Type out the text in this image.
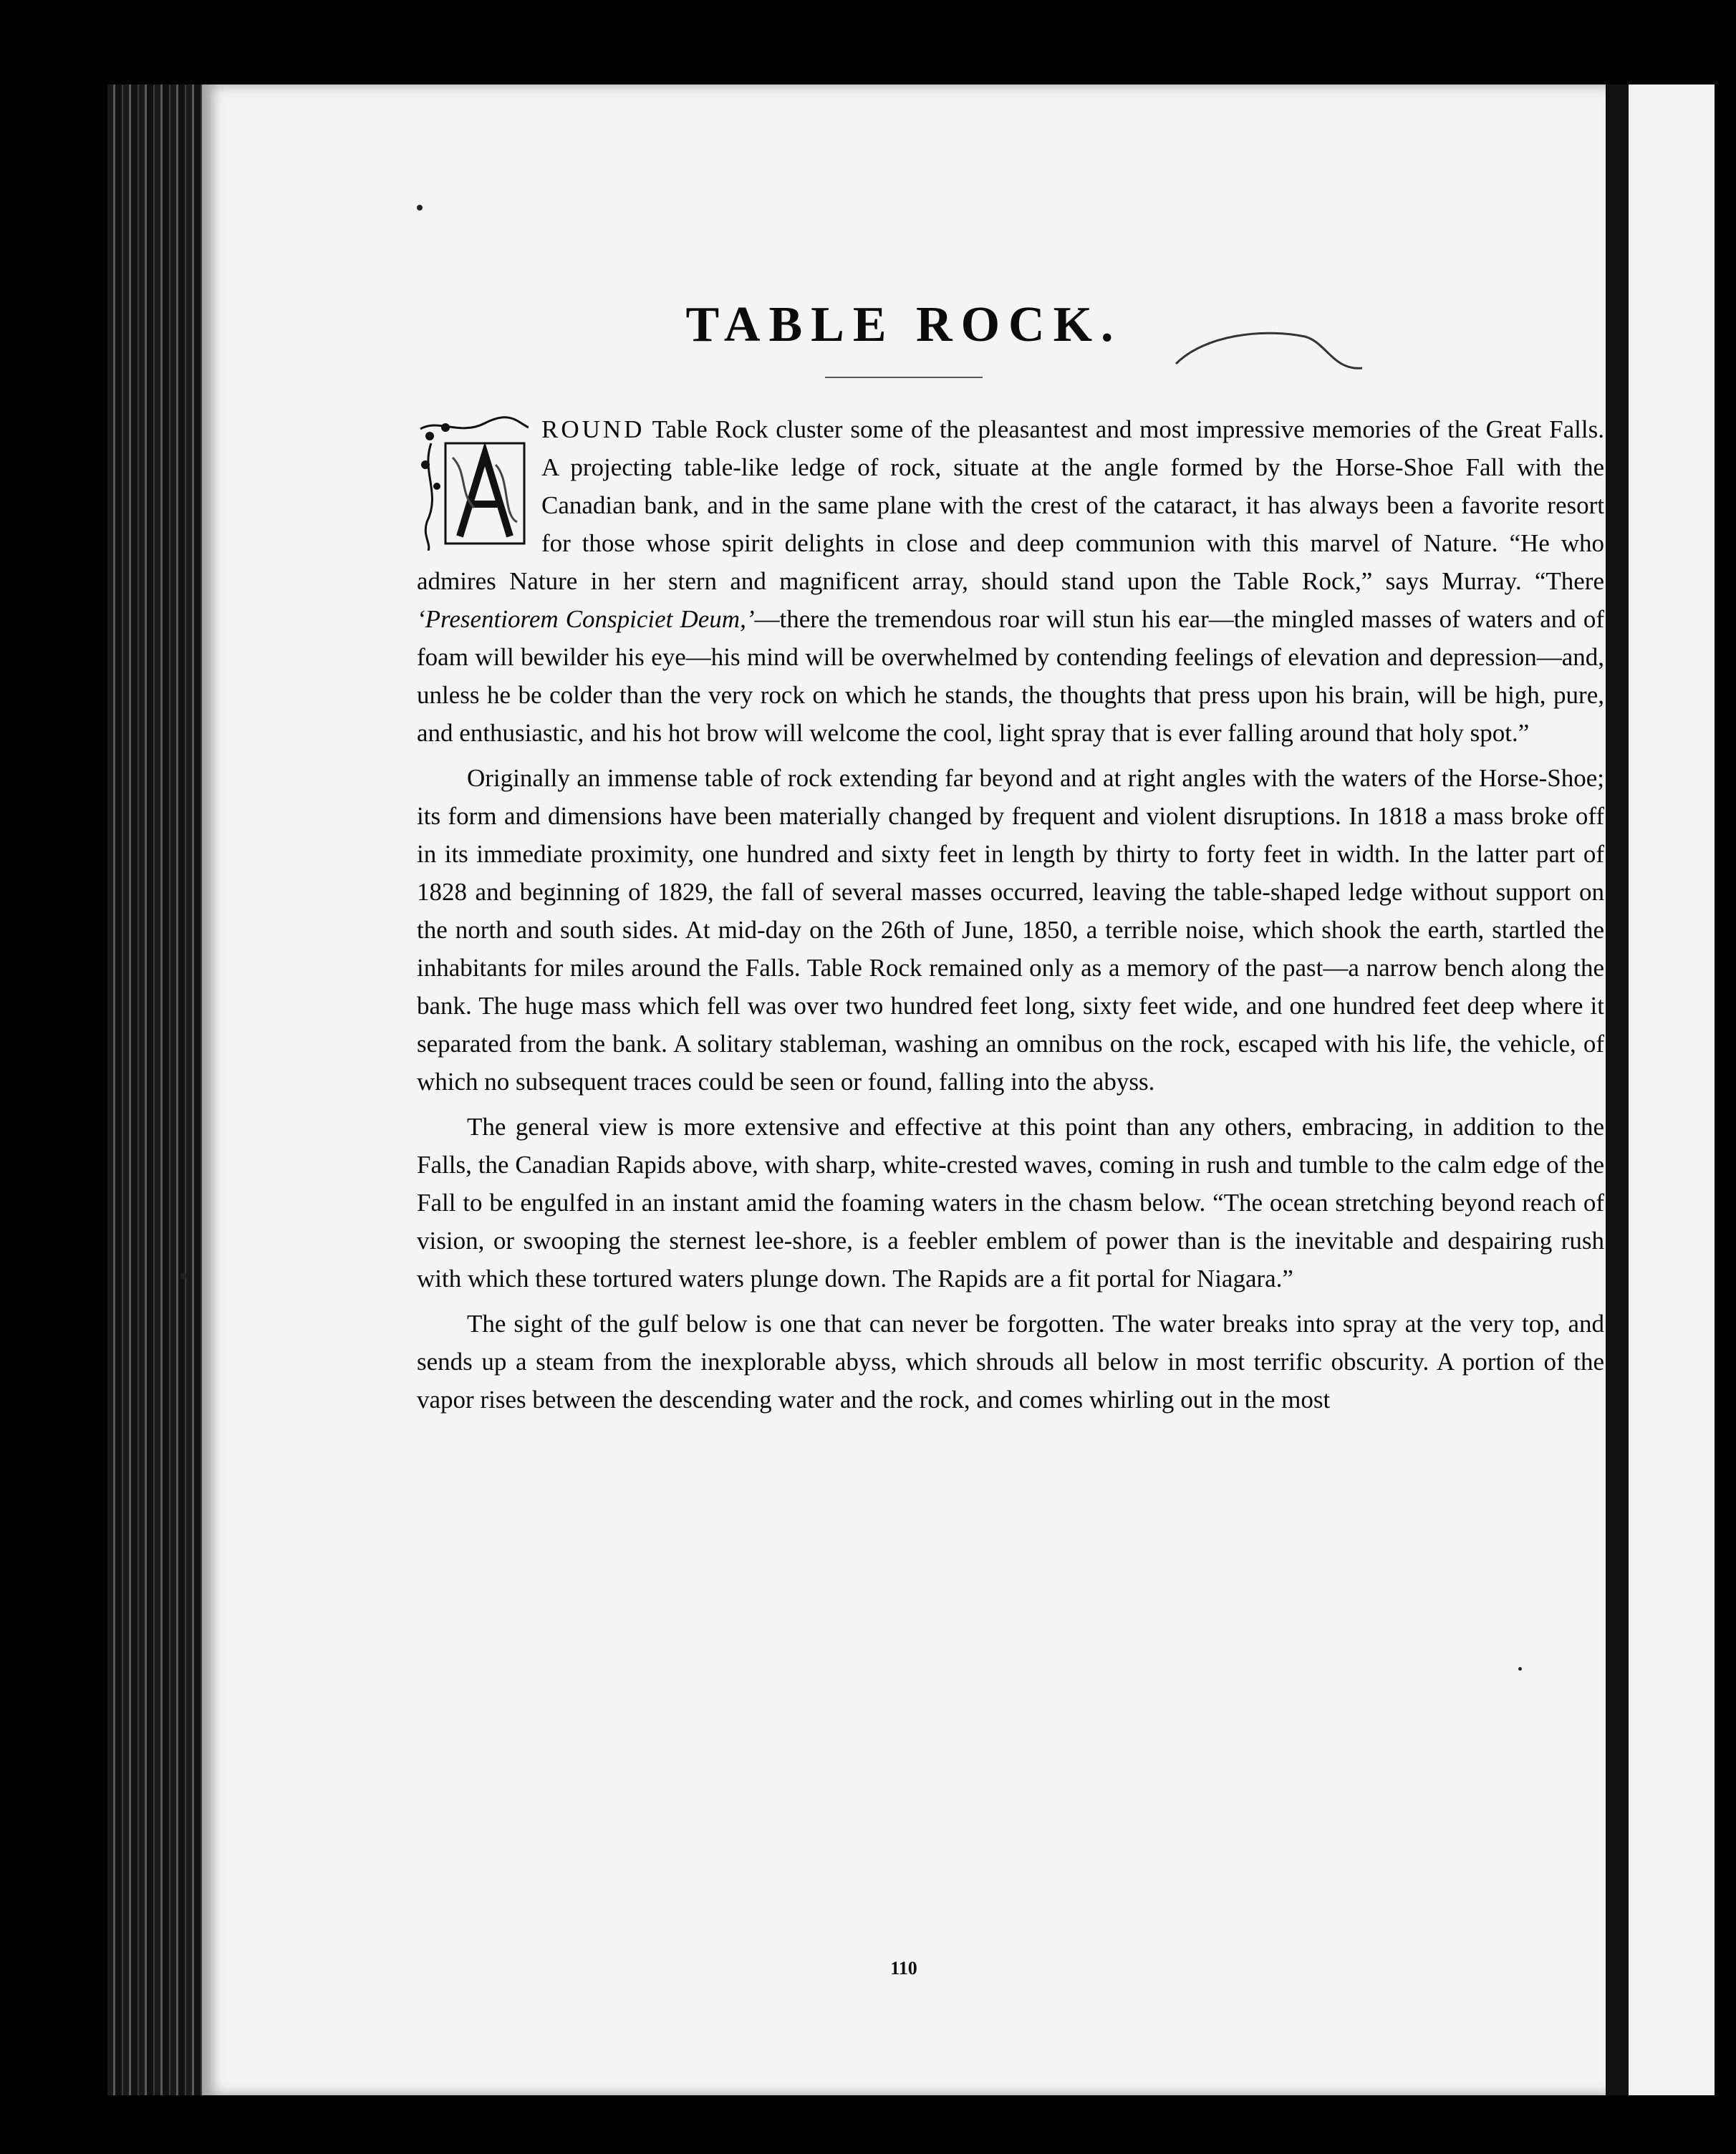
TABLE ROCK.

ROUND Table Rock cluster some of the pleasantest and most impressive memories of the Great Falls. A projecting table-like ledge of rock, situate at the angle formed by the Horse-Shoe Fall with the Canadian bank, and in the same plane with the crest of the cataract, it has always been a favorite resort for those whose spirit delights in close and deep communion with this marvel of Nature. “He who admires Nature in her stern and magnificent array, should stand upon the Table Rock,” says Murray. “There ‘Presentiorem Conspiciet Deum,’—there the tremendous roar will stun his ear—the mingled masses of waters and of foam will bewilder his eye—his mind will be overwhelmed by contending feelings of elevation and depression—and, unless he be colder than the very rock on which he stands, the thoughts that press upon his brain, will be high, pure, and enthusiastic, and his hot brow will welcome the cool, light spray that is ever falling around that holy spot.”

Originally an immense table of rock extending far beyond and at right angles with the waters of the Horse-Shoe; its form and dimensions have been materially changed by frequent and violent disruptions. In 1818 a mass broke off in its immediate proximity, one hundred and sixty feet in length by thirty to forty feet in width. In the latter part of 1828 and beginning of 1829, the fall of several masses occurred, leaving the table-shaped ledge without support on the north and south sides. At mid-day on the 26th of June, 1850, a terrible noise, which shook the earth, startled the inhabitants for miles around the Falls. Table Rock remained only as a memory of the past—a narrow bench along the bank. The huge mass which fell was over two hundred feet long, sixty feet wide, and one hundred feet deep where it separated from the bank. A solitary stableman, washing an omnibus on the rock, escaped with his life, the vehicle, of which no subsequent traces could be seen or found, falling into the abyss.

The general view is more extensive and effective at this point than any others, embracing, in addition to the Falls, the Canadian Rapids above, with sharp, white-crested waves, coming in rush and tumble to the calm edge of the Fall to be engulfed in an instant amid the foaming waters in the chasm below. “The ocean stretching beyond reach of vision, or swooping the sternest lee-shore, is a feebler emblem of power than is the inevitable and despairing rush with which these tortured waters plunge down. The Rapids are a fit portal for Niagara.”

The sight of the gulf below is one that can never be forgotten. The water breaks into spray at the very top, and sends up a steam from the inexplorable abyss, which shrouds all below in most terrific obscurity. A portion of the vapor rises between the descending water and the rock, and comes whirling out in the most

110
